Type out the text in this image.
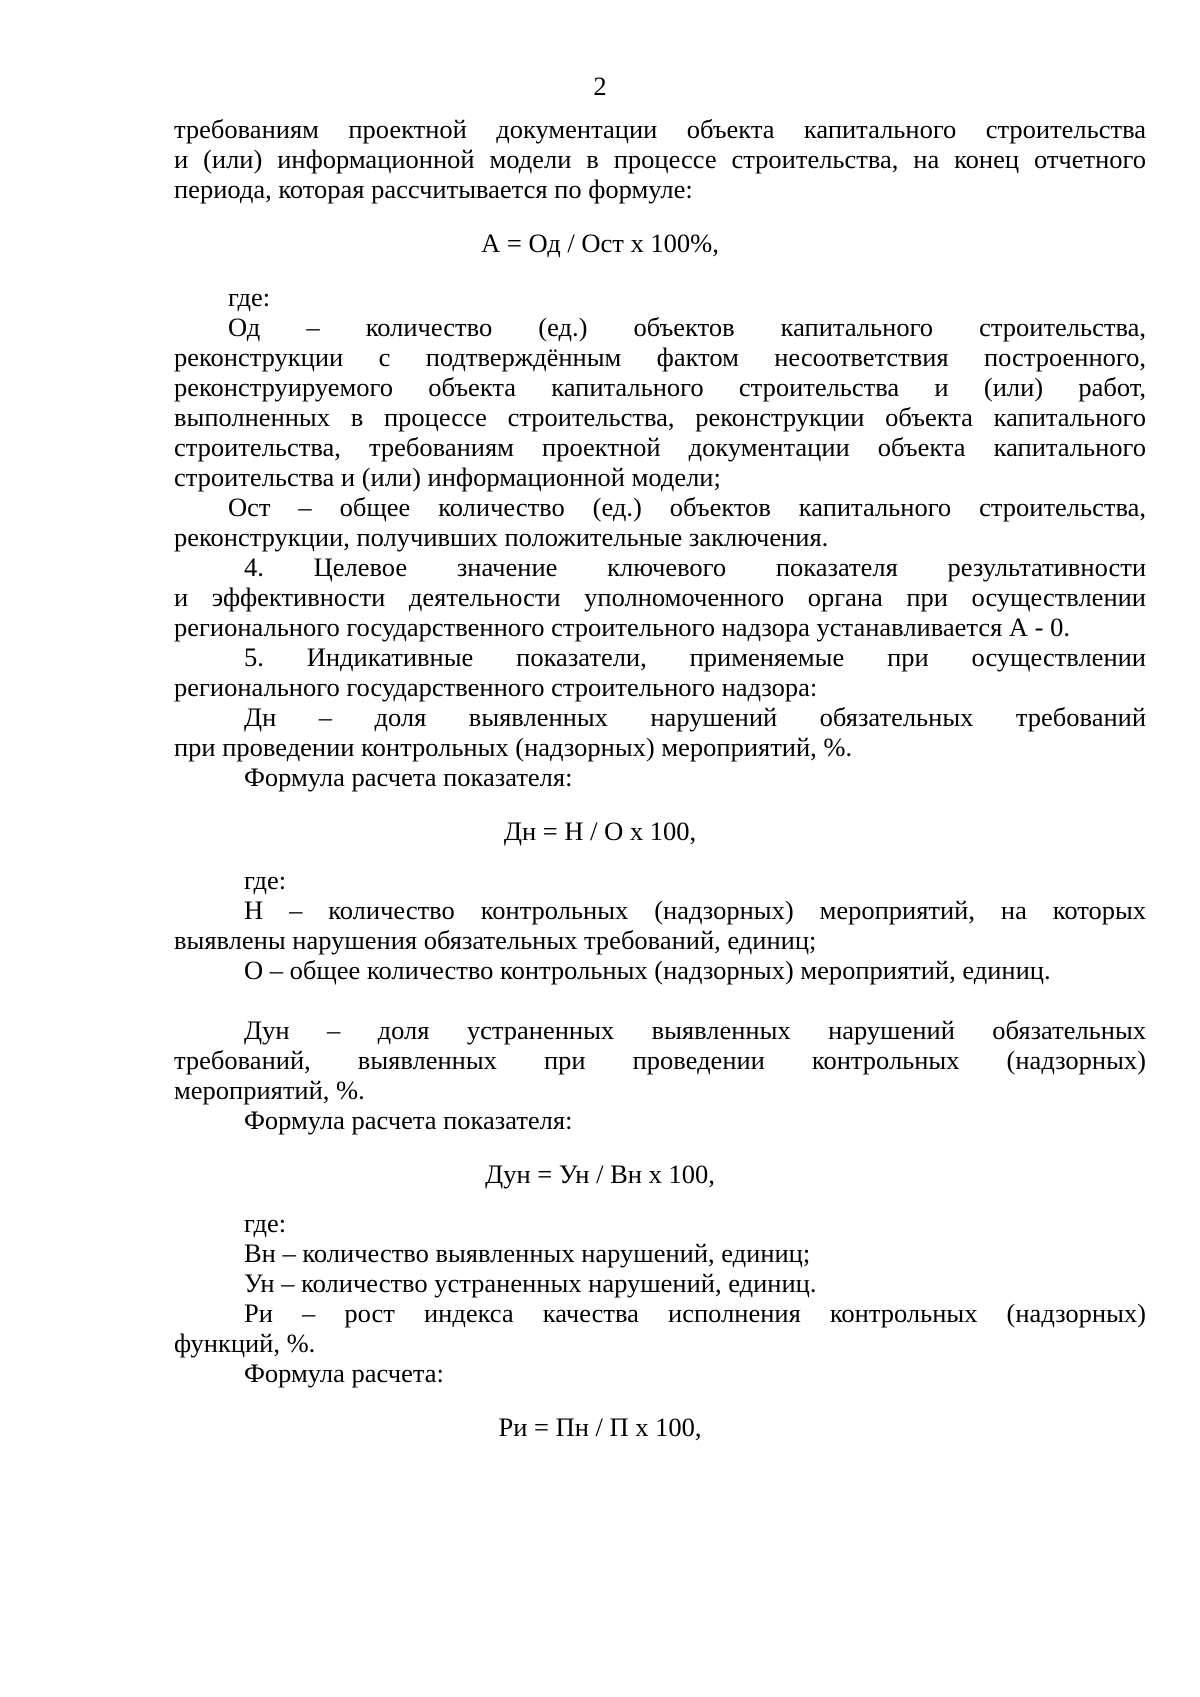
2
требованиям проектной документации объекта капитального строительства
и (или) информационной модели в процессе строительства, на конец отчетного
периода, которая рассчитывается по формуле:
А = Од / Ост х 100%,
где:
Од – количество (ед.) объектов капитального строительства,
реконструкции с подтверждённым фактом несоответствия построенного,
реконструируемого объекта капитального строительства и (или) работ,
выполненных в процессе строительства, реконструкции объекта капитального
строительства, требованиям проектной документации объекта капитального
строительства и (или) информационной модели;
Ост – общее количество (ед.) объектов капитального строительства,
реконструкции, получивших положительные заключения.
4. Целевое значение ключевого показателя результативности
и эффективности деятельности уполномоченного органа при осуществлении
регионального государственного строительного надзора устанавливается А - 0.
5. Индикативные показатели, применяемые при осуществлении
регионального государственного строительного надзора:
Дн – доля выявленных нарушений обязательных требований
при проведении контрольных (надзорных) мероприятий, %.
Формула расчета показателя:
Дн = Н / О х 100,
где:
Н – количество контрольных (надзорных) мероприятий, на которых
выявлены нарушения обязательных требований, единиц;
О – общее количество контрольных (надзорных) мероприятий, единиц.
Дун – доля устраненных выявленных нарушений обязательных
требований, выявленных при проведении контрольных (надзорных)
мероприятий, %.
Формула расчета показателя:
Дун = Ун / Вн х 100,
где:
Вн – количество выявленных нарушений, единиц;
Ун – количество устраненных нарушений, единиц.
Ри – рост индекса качества исполнения контрольных (надзорных)
функций, %.
Формула расчета:
Ри = Пн / П х 100,
